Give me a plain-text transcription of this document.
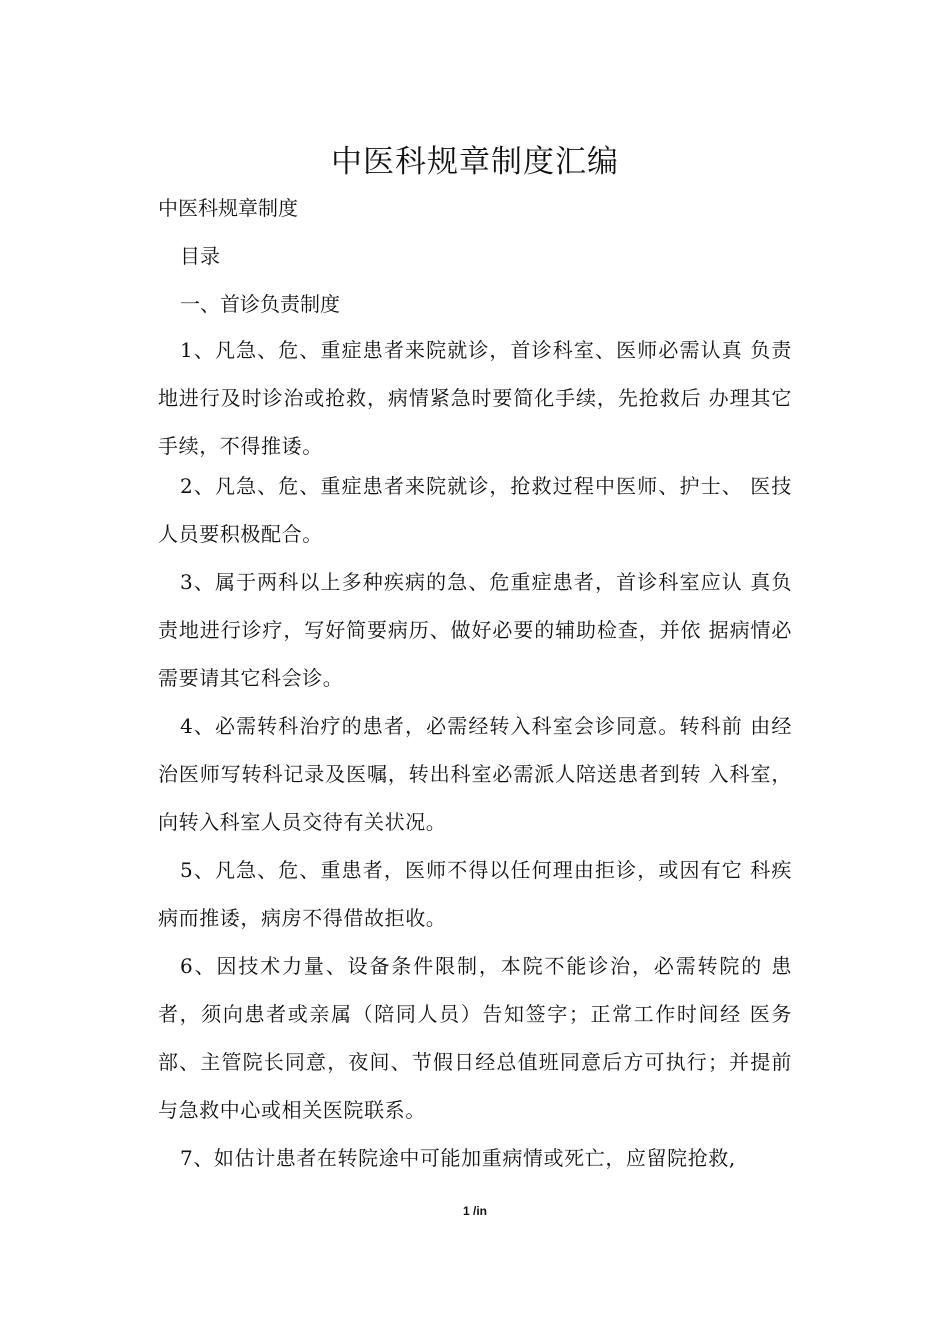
中医科规章制度汇编
中医科规章制度
目录
一、首诊负责制度

1、凡急、危、重症患者来院就诊，首诊科室、医师必需认真 负责地进行及时诊治或抢救，病情紧急时要简化手续，先抢救后 办理其它手续，不得推诿。

2、凡急、危、重症患者来院就诊，抢救过程中医师、护士、 医技人员要积极配合。

3、属于两科以上多种疾病的急、危重症患者，首诊科室应认 真负责地进行诊疗，写好简要病历、做好必要的辅助检查，并依 据病情必需要请其它科会诊。

4、必需转科治疗的患者，必需经转入科室会诊同意。转科前 由经治医师写转科记录及医嘱，转出科室必需派人陪送患者到转 入科室，向转入科室人员交待有关状况。

5、凡急、危、重患者，医师不得以任何理由拒诊，或因有它 科疾病而推诿，病房不得借故拒收。

6、因技术力量、设备条件限制，本院不能诊治，必需转院的 患者，须向患者或亲属（陪同人员）告知签字；正常工作时间经 医务部、主管院长同意，夜间、节假日经总值班同意后方可执行；并提前与急救中心或相关医院联系。

7、如估计患者在转院途中可能加重病情或死亡，应留院抢救,

1 /in
